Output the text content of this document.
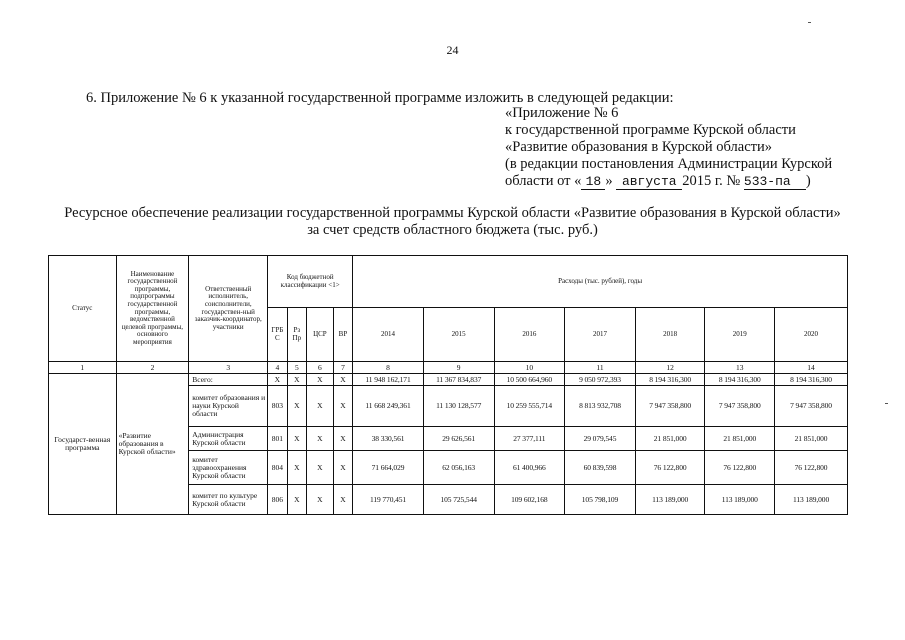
24
6. Приложение № 6 к указанной государственной программе изложить в следующей редакции:
«Приложение № 6
к государственной программе Курской области
«Развитие образования в Курской области»
(в редакции постановления Администрации Курской
области от « 18 » августа 2015 г. № 533-па )
Ресурсное обеспечение реализации государственной программы Курской области «Развитие образования в Курской области»
за счет средств областного бюджета (тыс. руб.)
Статус	Наименование государственной программы, подпрограммы государственной программы, ведомственной целевой программы, основного мероприятия	Ответственный исполнитель, соисполнители, государствен-ный заказчик-координатор, участники	Код бюджетной классификации <1>				Расходы (тыс. рублей), годы						
			ГРБ С	Рз Пр	ЦСР	ВР	2014	2015	2016	2017	2018	2019	2020
1	2	3	4	5	6	7	8	9	10	11	12	13	14
Государст-венная программа	«Развитие образования в Курской области»	Всего:	Х	Х	Х	Х	11 948 162,171	11 367 834,837	10 500 664,960	9 050 972,393	8 194 316,300	8 194 316,300	8 194 316,300
		комитет образования и науки Курской области	803	Х	Х	Х	11 668 249,361	11 130 128,577	10 259 555,714	8 813 932,708	7 947 358,800	7 947 358,800	7 947 358,800
		Администрация Курской области	801	Х	Х	Х	38 330,561	29 626,561	27 377,111	29 079,545	21 851,000	21 851,000	21 851,000
		комитет здравоохранения Курской области	804	Х	Х	Х	71 664,029	62 056,163	61 400,966	60 839,598	76 122,800	76 122,800	76 122,800
		комитет по культуре Курской области	806	Х	Х	Х	119 770,451	105 725,544	109 602,168	105 798,109	113 189,000	113 189,000	113 189,000
